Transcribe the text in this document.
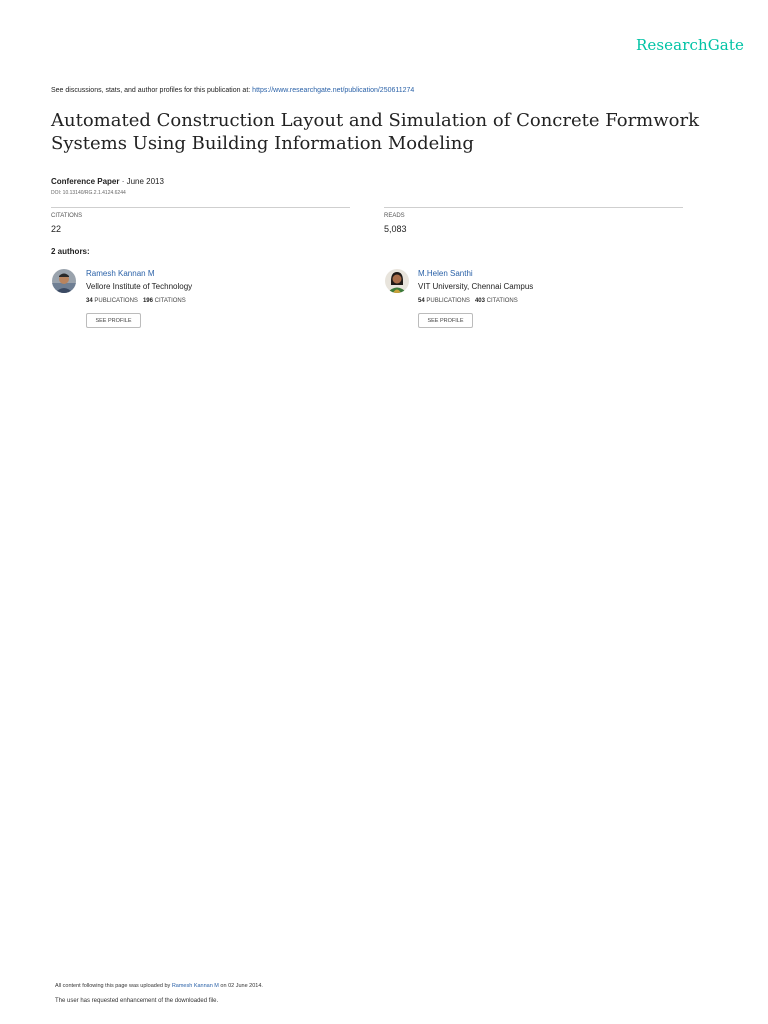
ResearchGate
See discussions, stats, and author profiles for this publication at: https://www.researchgate.net/publication/250611274
Automated Construction Layout and Simulation of Concrete Formwork Systems Using Building Information Modeling
Conference Paper · June 2013
DOI: 10.13140/RG.2.1.4124.6244
CITATIONS
22
READS
5,083
2 authors:
Ramesh Kannan M
Vellore Institute of Technology
34 PUBLICATIONS 196 CITATIONS
SEE PROFILE
M.Helen Santhi
VIT University, Chennai Campus
54 PUBLICATIONS 403 CITATIONS
SEE PROFILE
All content following this page was uploaded by Ramesh Kannan M on 02 June 2014.
The user has requested enhancement of the downloaded file.
